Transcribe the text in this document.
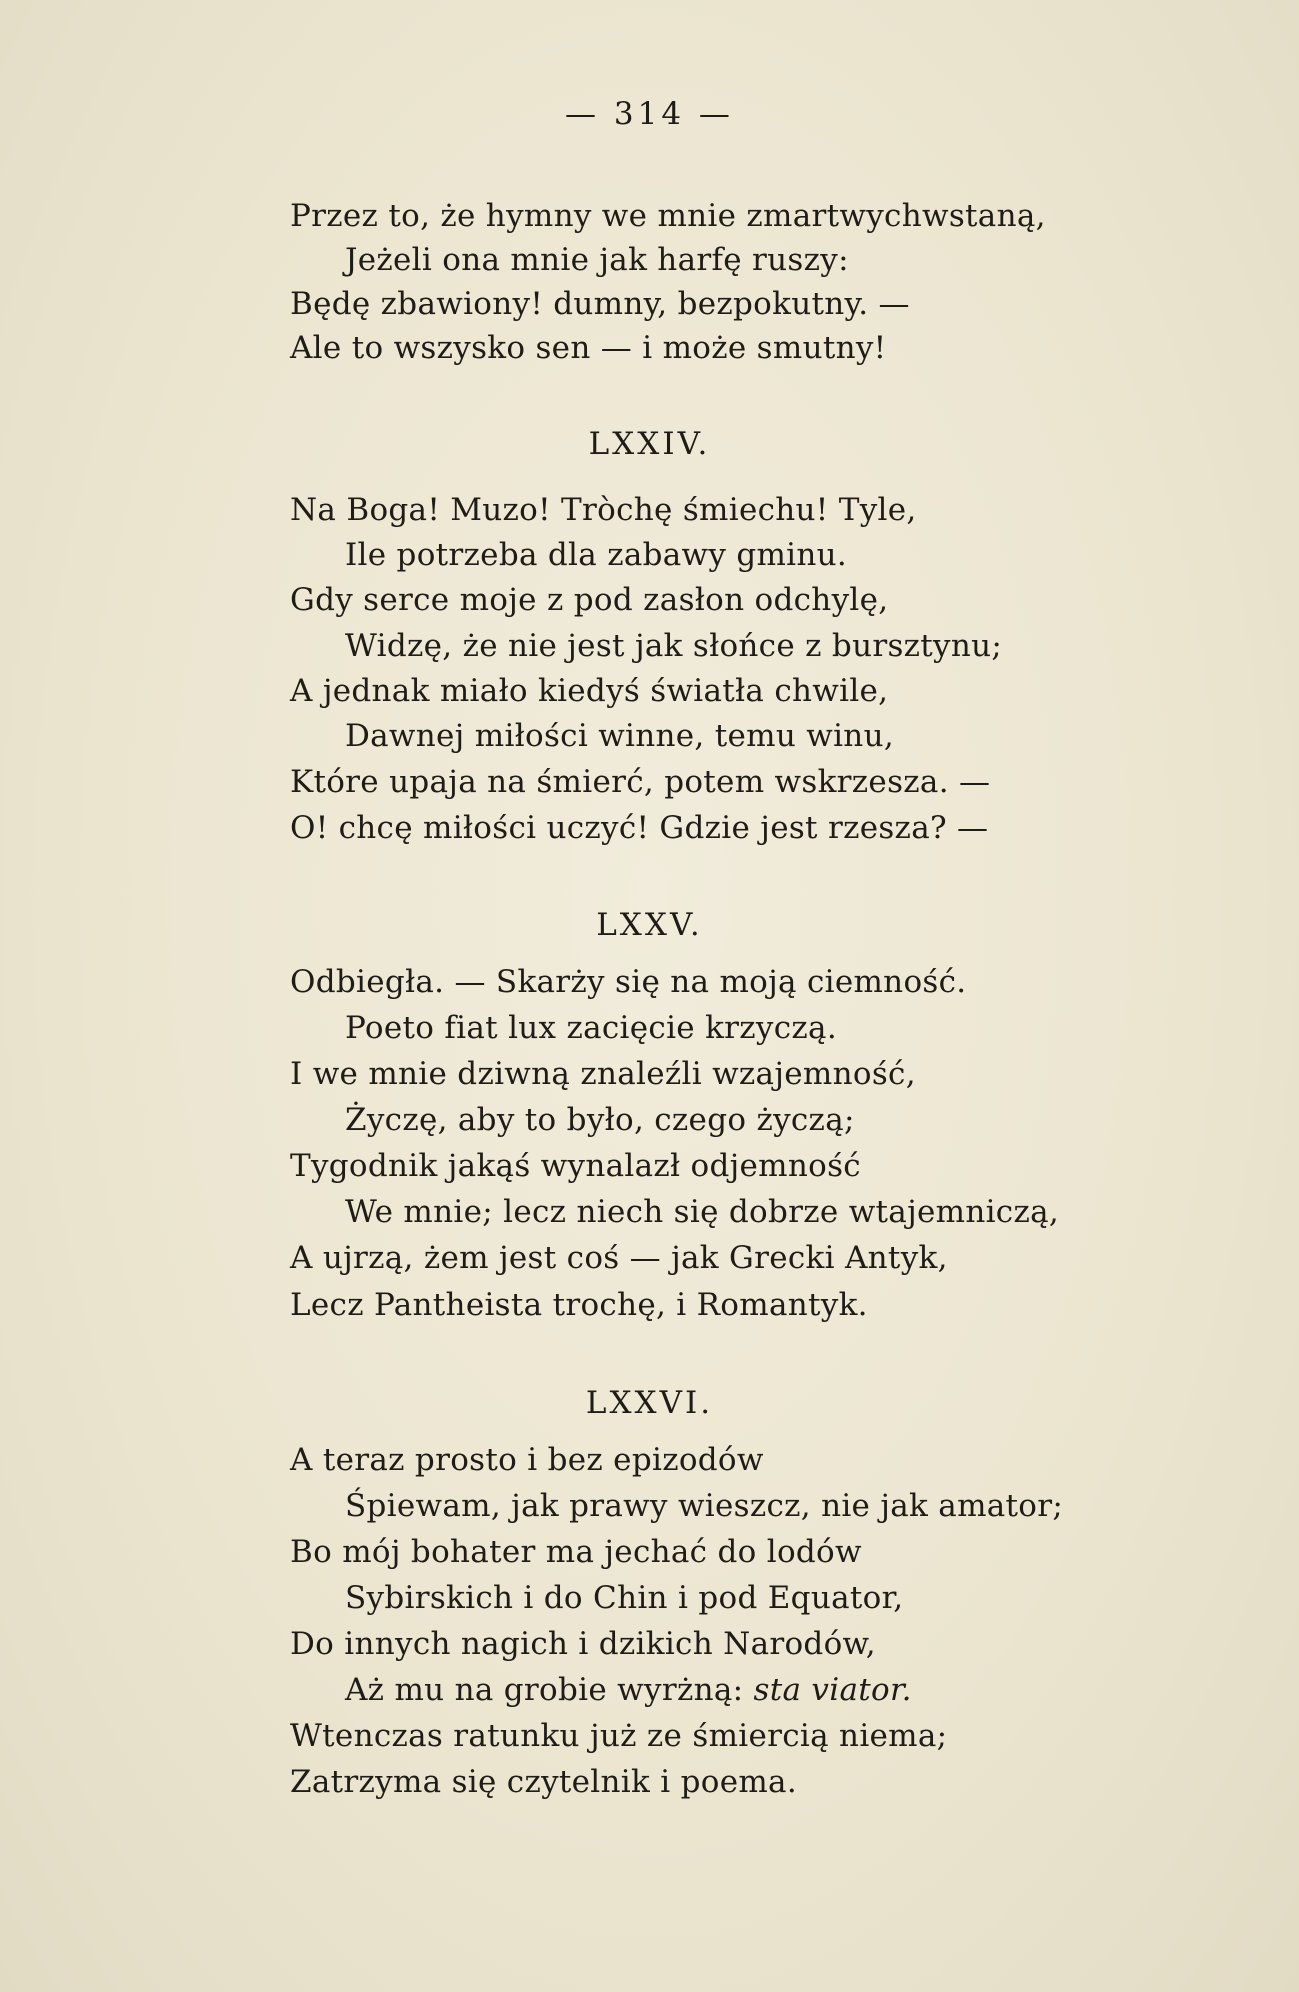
— 314 —
Przez to, że hymny we mnie zmartwychwstaną,
Jeżeli ona mnie jak harfę ruszy:
Będę zbawiony! dumny, bezpokutny. —
Ale to wszysko sen — i może smutny!
LXXIV.
Na Boga! Muzo! Tròchę śmiechu! Tyle,
Ile potrzeba dla zabawy gminu.
Gdy serce moje z pod zasłon odchylę,
Widzę, że nie jest jak słońce z bursztynu;
A jednak miało kiedyś światła chwile,
Dawnej miłości winne, temu winu,
Które upaja na śmierć, potem wskrzesza. —
O! chcę miłości uczyć! Gdzie jest rzesza? —
LXXV.
Odbiegła. — Skarży się na moją ciemność.
Poeto fiat lux zacięcie krzyczą.
I we mnie dziwną znaleźli wzajemność,
Życzę, aby to było, czego życzą;
Tygodnik jakąś wynalazł odjemność
We mnie; lecz niech się dobrze wtajemniczą,
A ujrzą, żem jest coś — jak Grecki Antyk,
Lecz Pantheista trochę, i Romantyk.
LXXVI.
A teraz prosto i bez epizodów
Śpiewam, jak prawy wieszcz, nie jak amator;
Bo mój bohater ma jechać do lodów
Sybirskich i do Chin i pod Equator,
Do innych nagich i dzikich Narodów,
Aż mu na grobie wyrżną: sta viator.
Wtenczas ratunku już ze śmiercią niema;
Zatrzyma się czytelnik i poema.
